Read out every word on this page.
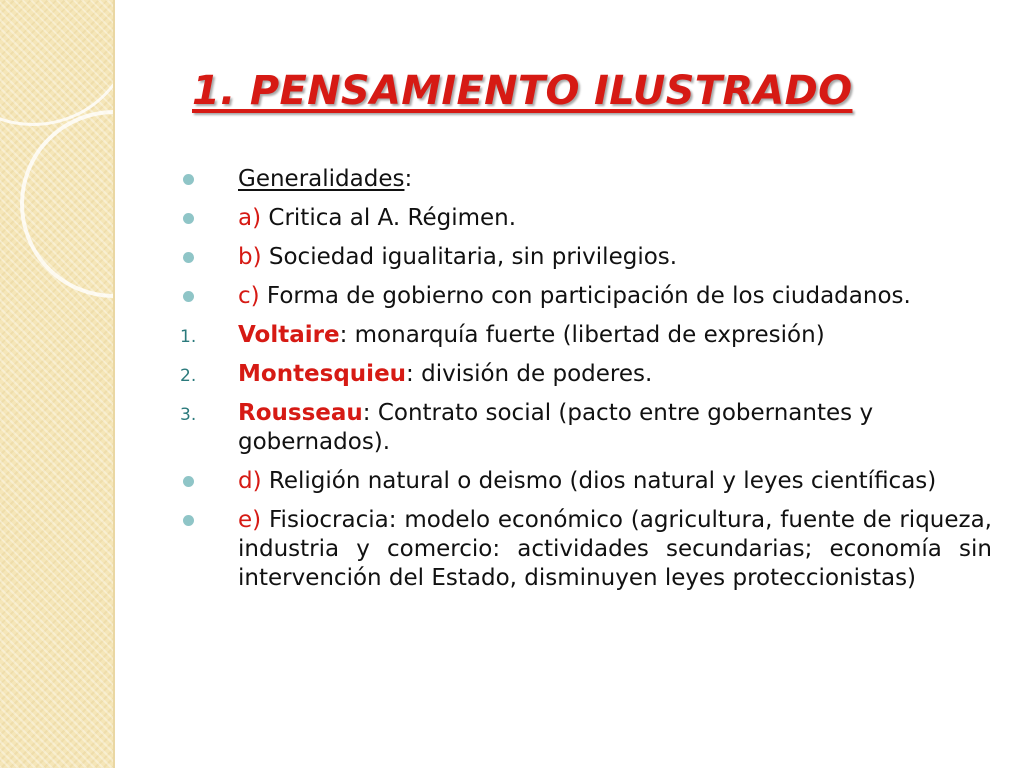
1. PENSAMIENTO ILUSTRADO
Generalidades:
a) Critica al A. Régimen.
b) Sociedad igualitaria, sin privilegios.
c) Forma de gobierno con participación de los ciudadanos.
1. Voltaire: monarquía fuerte (libertad de expresión)
2. Montesquieu: división de poderes.
3. Rousseau: Contrato social (pacto entre gobernantes y gobernados).
d) Religión natural o deismo (dios natural y leyes científicas)
e) Fisiocracia: modelo económico (agricultura, fuente de riqueza, industria y comercio: actividades secundarias; economía sin intervención del Estado, disminuyen leyes proteccionistas)
